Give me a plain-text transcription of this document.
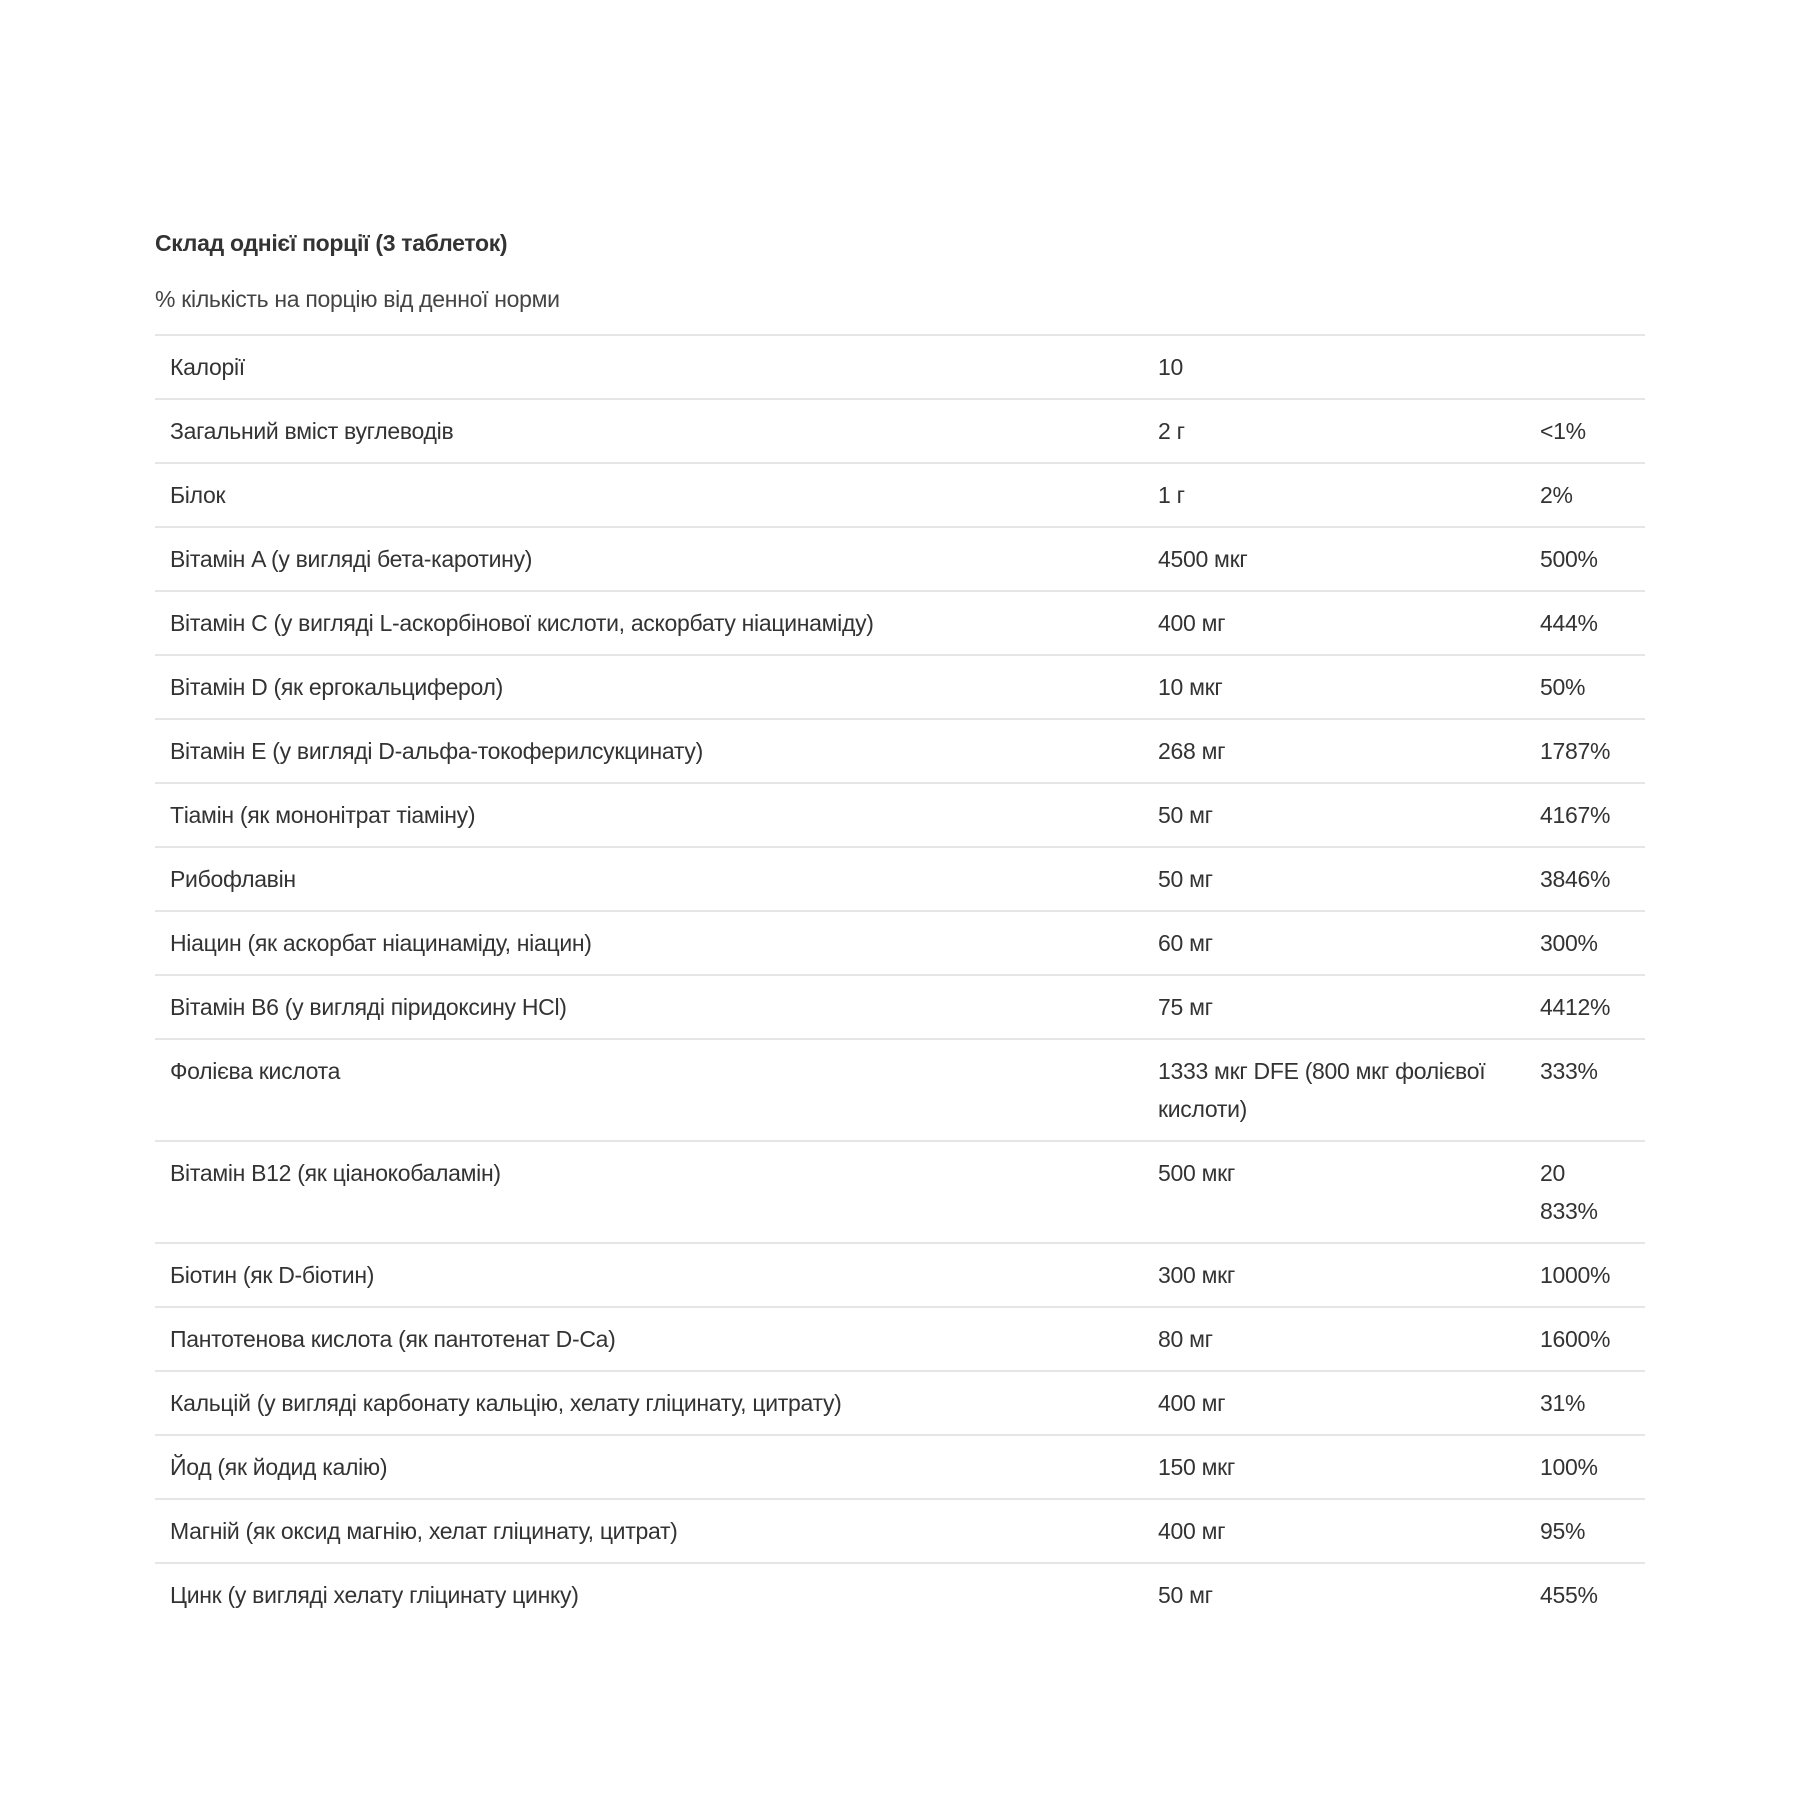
Склад однієї порції (3 таблеток)

% кількість на порцію від денної норми

Калорії	10	
Загальний вміст вуглеводів	2 г	<1%
Білок	1 г	2%
Вітамін A (у вигляді бета-каротину)	4500 мкг	500%
Вітамін C (у вигляді L-аскорбінової кислоти, аскорбату ніацинаміду)	400 мг	444%
Вітамін D (як ергокальциферол)	10 мкг	50%
Вітамін E (у вигляді D-альфа-токоферилсукцинату)	268 мг	1787%
Тіамін (як мононітрат тіаміну)	50 мг	4167%
Рибофлавін	50 мг	3846%
Ніацин (як аскорбат ніацинаміду, ніацин)	60 мг	300%
Вітамін B6 (у вигляді піридоксину HCl)	75 мг	4412%
Фолієва кислота	1333 мкг DFE (800 мкг фолієвої кислоти)	333%
Вітамін B12 (як ціанокобаламін)	500 мкг	20 833%
Біотин (як D-біотин)	300 мкг	1000%
Пантотенова кислота (як пантотенат D-Ca)	80 мг	1600%
Кальцій (у вигляді карбонату кальцію, хелату гліцинату, цитрату)	400 мг	31%
Йод (як йодид калію)	150 мкг	100%
Магній (як оксид магнію, хелат гліцинату, цитрат)	400 мг	95%
Цинк (у вигляді хелату гліцинату цинку)	50 мг	455%
